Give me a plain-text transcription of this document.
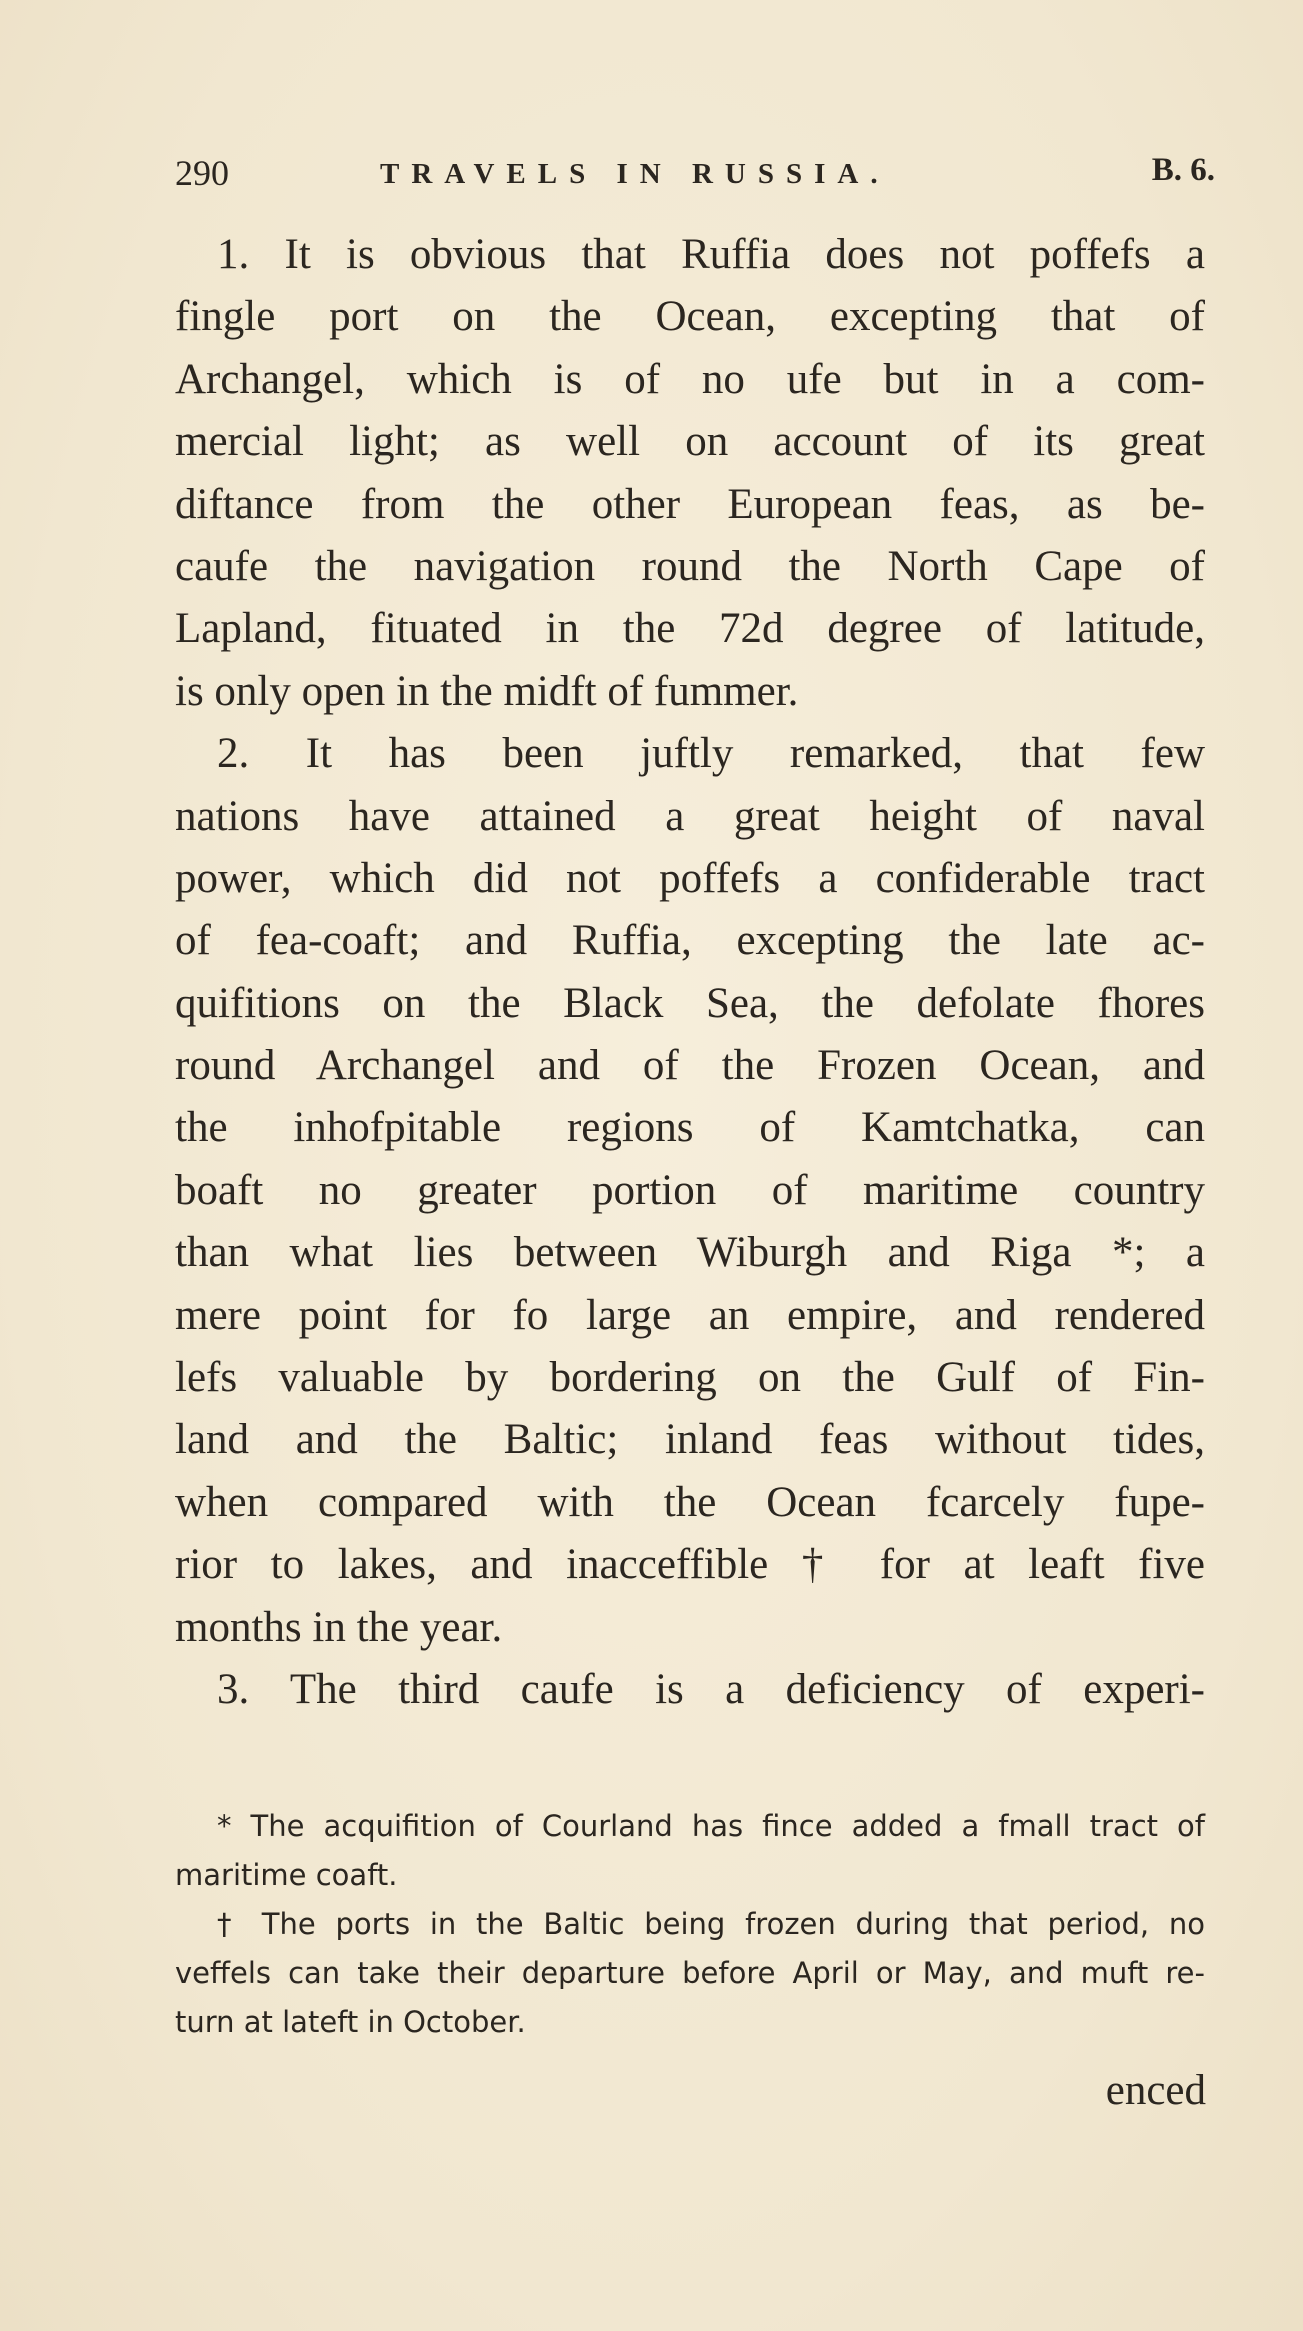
290	TRAVELS IN RUSSIA.	B. 6.
1. It is obvious that Ruffia does not poffefs a
fingle port on the Ocean, excepting that of
Archangel, which is of no ufe but in a com-
mercial light; as well on account of its great
diftance from the other European feas, as be-
caufe the navigation round the North Cape of
Lapland, fituated in the 72d degree of latitude,
is only open in the midft of fummer.
2. It has been juftly remarked, that few
nations have attained a great height of naval
power, which did not poffefs a confiderable tract
of fea-coaft; and Ruffia, excepting the late ac-
quifitions on the Black Sea, the defolate fhores
round Archangel and of the Frozen Ocean, and
the inhofpitable regions of Kamtchatka, can
boaft no greater portion of maritime country
than what lies between Wiburgh and Riga *; a
mere point for fo large an empire, and rendered
lefs valuable by bordering on the Gulf of Fin-
land and the Baltic; inland feas without tides,
when compared with the Ocean fcarcely fupe-
rior to lakes, and inacceffible † for at leaft five
months in the year.
3. The third caufe is a deficiency of experi-
* The acquifition of Courland has fince added a fmall tract of
maritime coaft.
† The ports in the Baltic being frozen during that period, no
veffels can take their departure before April or May, and muft re-
turn at lateft in October.
enced
